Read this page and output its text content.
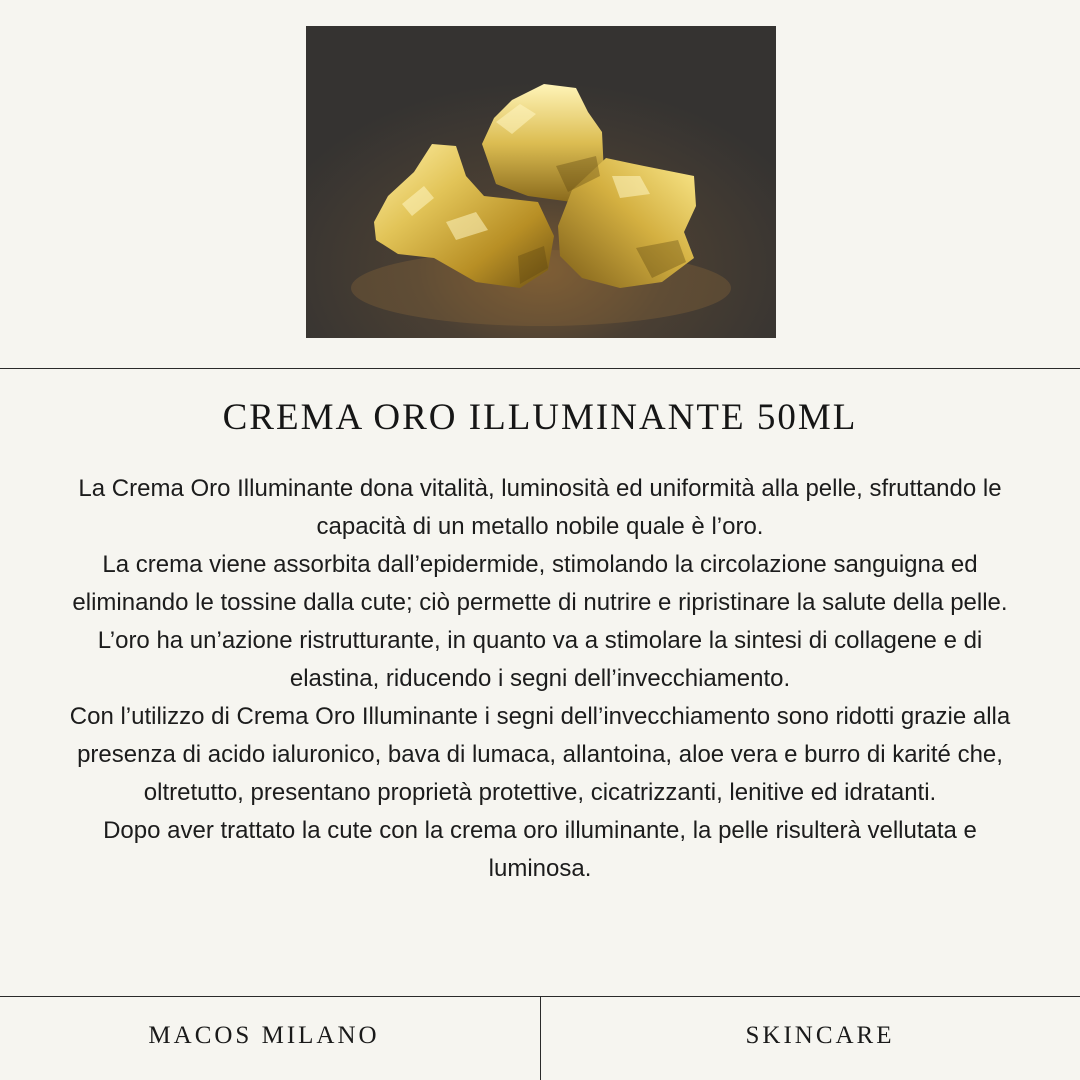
CREMA ORO ILLUMINANTE 50ML

La Crema Oro Illuminante dona vitalità, luminosità ed uniformità alla pelle, sfruttando le capacità di un metallo nobile quale è l’oro.

La crema viene assorbita dall’epidermide, stimolando la circolazione sanguigna ed eliminando le tossine dalla cute; ciò permette di nutrire e ripristinare la salute della pelle.

L’oro ha un’azione ristrutturante, in quanto va a stimolare la sintesi di collagene e di elastina, riducendo i segni dell’invecchiamento.

Con l’utilizzo di Crema Oro Illuminante i segni dell’invecchiamento sono ridotti grazie alla presenza di acido ialuronico, bava di lumaca, allantoina, aloe vera e burro di karité che, oltretutto, presentano proprietà protettive, cicatrizzanti, lenitive ed idratanti.

Dopo aver trattato la cute con la crema oro illuminante, la pelle risulterà vellutata e luminosa.

MACOS MILANO	SKINCARE
